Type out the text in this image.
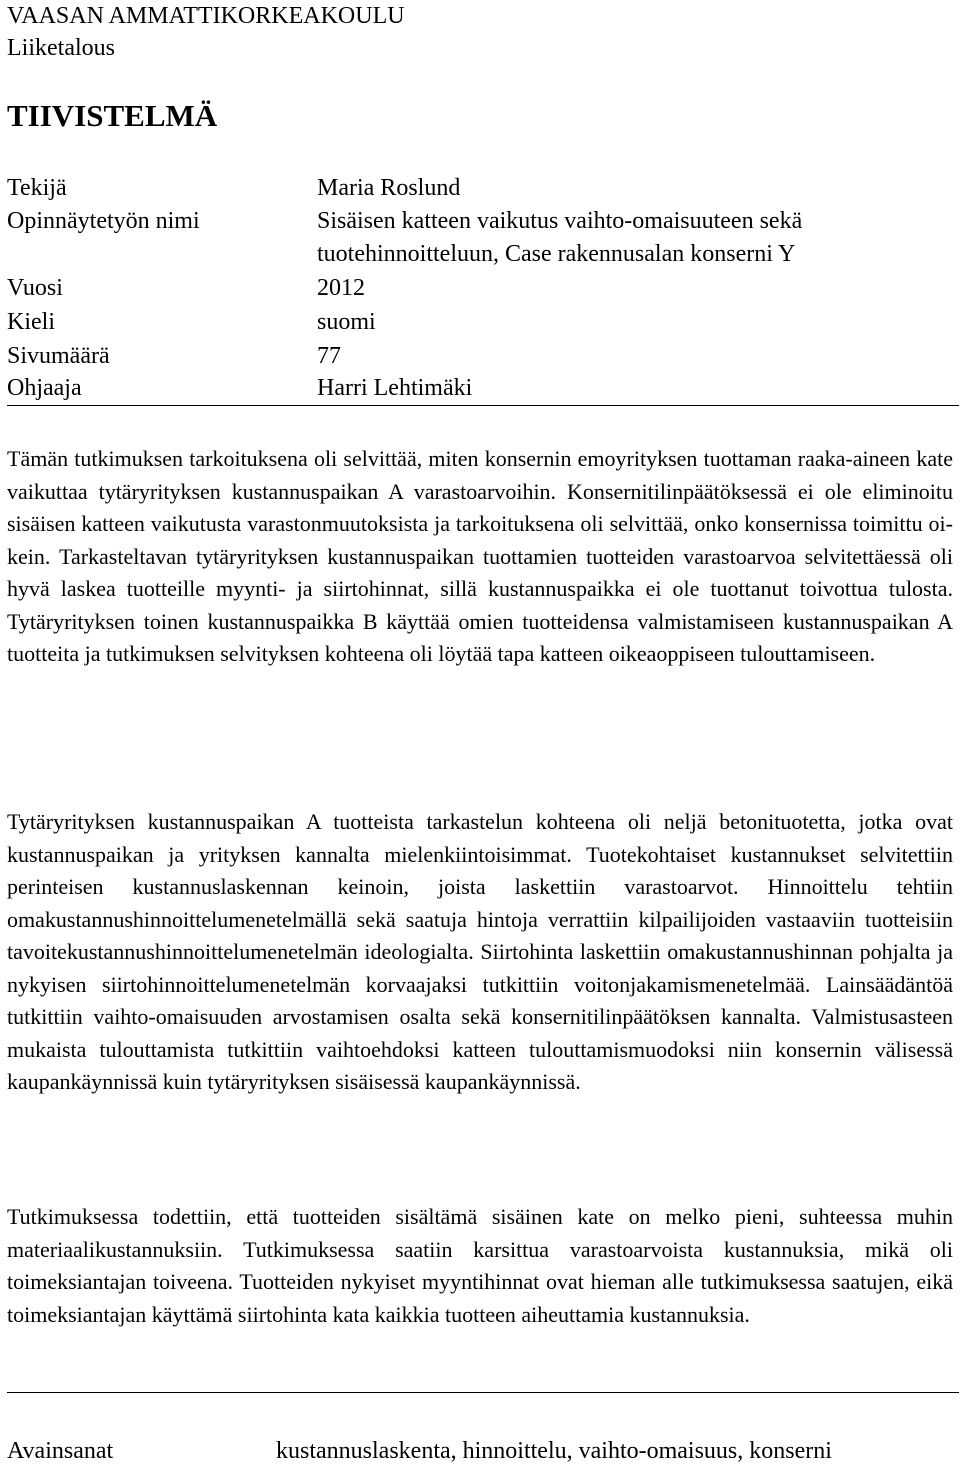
VAASAN AMMATTIKORKEAKOULU
Liiketalous
TIIVISTELMÄ
Tekijä	Maria Roslund
Opinnäytetyön nimi	Sisäisen katteen vaikutus vaihto-omaisuuteen sekä
tuotehinnoitteluun, Case rakennusalan konserni Y
Vuosi	2012
Kieli	suomi
Sivumäärä	77
Ohjaaja	Harri Lehtimäki

Tämän tutkimuksen tarkoituksena oli selvittää, miten konsernin emoyrityksen tuottaman raaka-aineen kate vaikuttaa tytäryrityksen kustannuspaikan A varastoarvoihin. Konsernitilinpäätöksessä ei ole eliminoitu sisäisen katteen vaikutusta varastonmuutoksista ja tarkoituksena oli selvittää, onko konsernissa toimittu oikein. Tarkasteltavan tytäryrityksen kustannuspaikan tuottamien tuotteiden varastoarvoa selvitettäessä oli hyvä laskea tuotteille myynti- ja siirtohinnat, sillä kustannuspaikka ei ole tuottanut toivottua tulosta. Tytäryrityksen toinen kustannuspaikka B käyttää omien tuotteidensa valmistamiseen kustannuspaikan A tuotteita ja tutkimuksen selvityksen kohteena oli löytää tapa katteen oikeaoppiseen tulouttamiseen.

Tytäryrityksen kustannuspaikan A tuotteista tarkastelun kohteena oli neljä betonituotetta, jotka ovat kustannuspaikan ja yrityksen kannalta mielenkiintoisimmat. Tuotekohtaiset kustannukset selvitettiin perinteisen kustannuslaskennan keinoin, joista laskettiin varastoarvot. Hinnoittelu tehtiin omakustannushinnoittelumenetelmällä sekä saatuja hintoja verrattiin kilpailijoiden vastaaviin tuotteisiin tavoitekustannushinnoittelumenetelmän ideologialta. Siirtohinta laskettiin omakustannushinnan pohjalta ja nykyisen siirtohinnoittelumenetelmän korvaajaksi tutkittiin voitonjakamismenetelmää. Lainsäädäntöä tutkittiin vaihto-omaisuuden arvostamisen osalta sekä konsernitilinpäätöksen kannalta. Valmistusasteen mukaista tulouttamista tutkittiin vaihtoehdoksi katteen tulouttamismuodoksi niin konsernin välisessä kaupankäynnissä kuin tytäryrityksen sisäisessä kaupankäynnissä.

Tutkimuksessa todettiin, että tuotteiden sisältämä sisäinen kate on melko pieni, suhteessa muhin materiaalikustannuksiin. Tutkimuksessa saatiin karsittua varastoarvoista kustannuksia, mikä oli toimeksiantajan toiveena. Tuotteiden nykyiset myyntihinnat ovat hieman alle tutkimuksessa saatujen, eikä toimeksiantajan käyttämä siirtohinta kata kaikkia tuotteen aiheuttamia kustannuksia.

Avainsanat	kustannuslaskenta, hinnoittelu, vaihto-omaisuus, konserni
